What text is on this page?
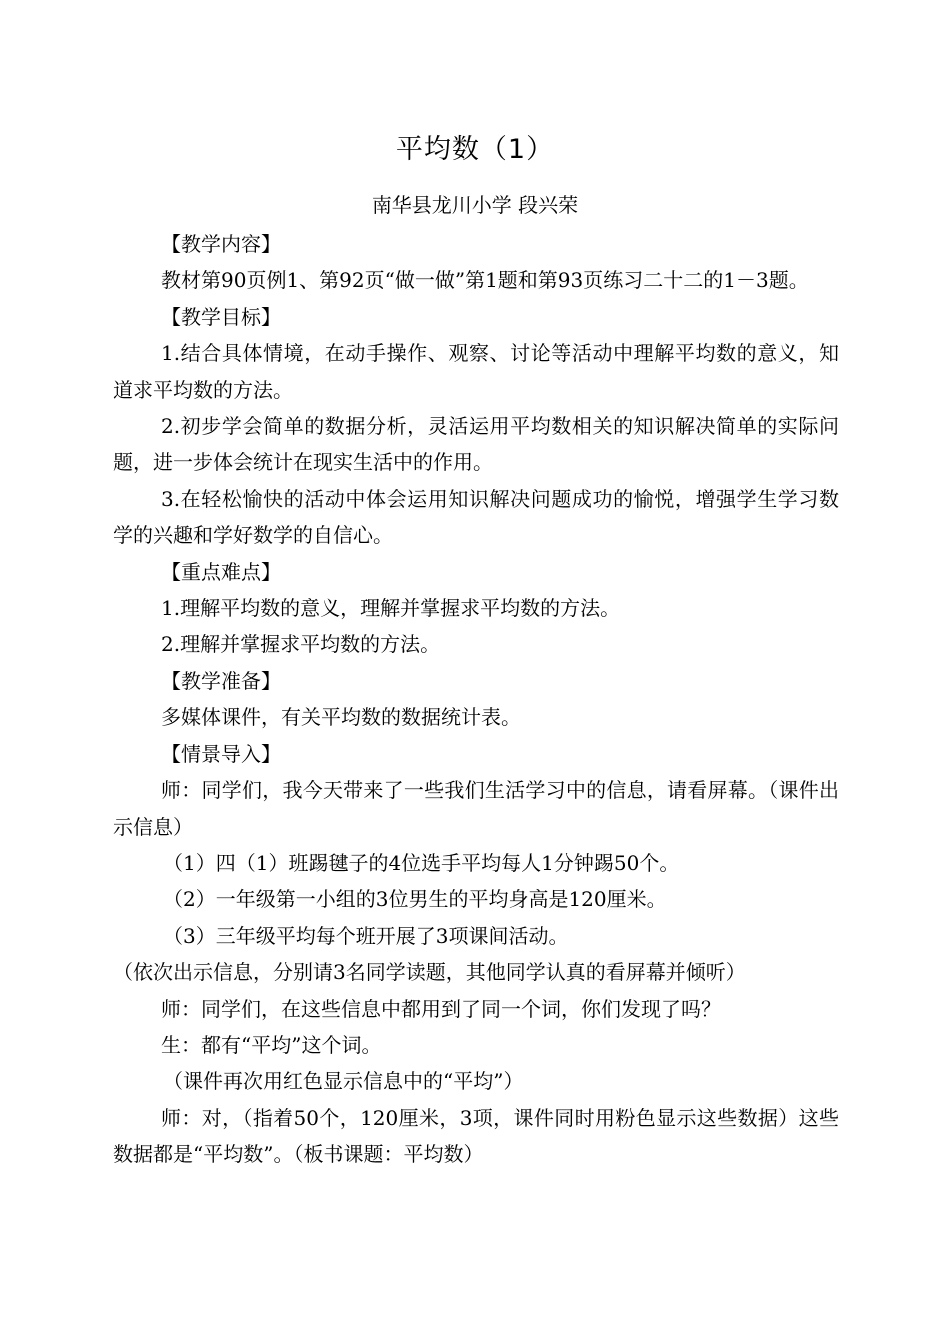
平均数（1）
南华县龙川小学 段兴荣

【教学内容】

教材第90页例1、第92页“做一做”第1题和第93页练习二十二的1－3题。

【教学目标】

1.结合具体情境，在动手操作、观察、讨论等活动中理解平均数的意义，知道求平均数的方法。

2.初步学会简单的数据分析，灵活运用平均数相关的知识解决简单的实际问题，进一步体会统计在现实生活中的作用。

3.在轻松愉快的活动中体会运用知识解决问题成功的愉悦，增强学生学习数学的兴趣和学好数学的自信心。

【重点难点】

1.理解平均数的意义，理解并掌握求平均数的方法。

2.理解并掌握求平均数的方法。

【教学准备】

多媒体课件，有关平均数的数据统计表。

【情景导入】

师：同学们，我今天带来了一些我们生活学习中的信息，请看屏幕。（课件出示信息）

（1）四（1）班踢毽子的4位选手平均每人1分钟踢50个。

（2）一年级第一小组的3位男生的平均身高是120厘米。

（3）三年级平均每个班开展了3项课间活动。

（依次出示信息，分别请3名同学读题，其他同学认真的看屏幕并倾听）

师：同学们，在这些信息中都用到了同一个词，你们发现了吗？

生：都有“平均”这个词。

（课件再次用红色显示信息中的“平均”）

师：对，（指着50个，120厘米，3项，课件同时用粉色显示这些数据）这些数据都是“平均数”。（板书课题：平均数）
